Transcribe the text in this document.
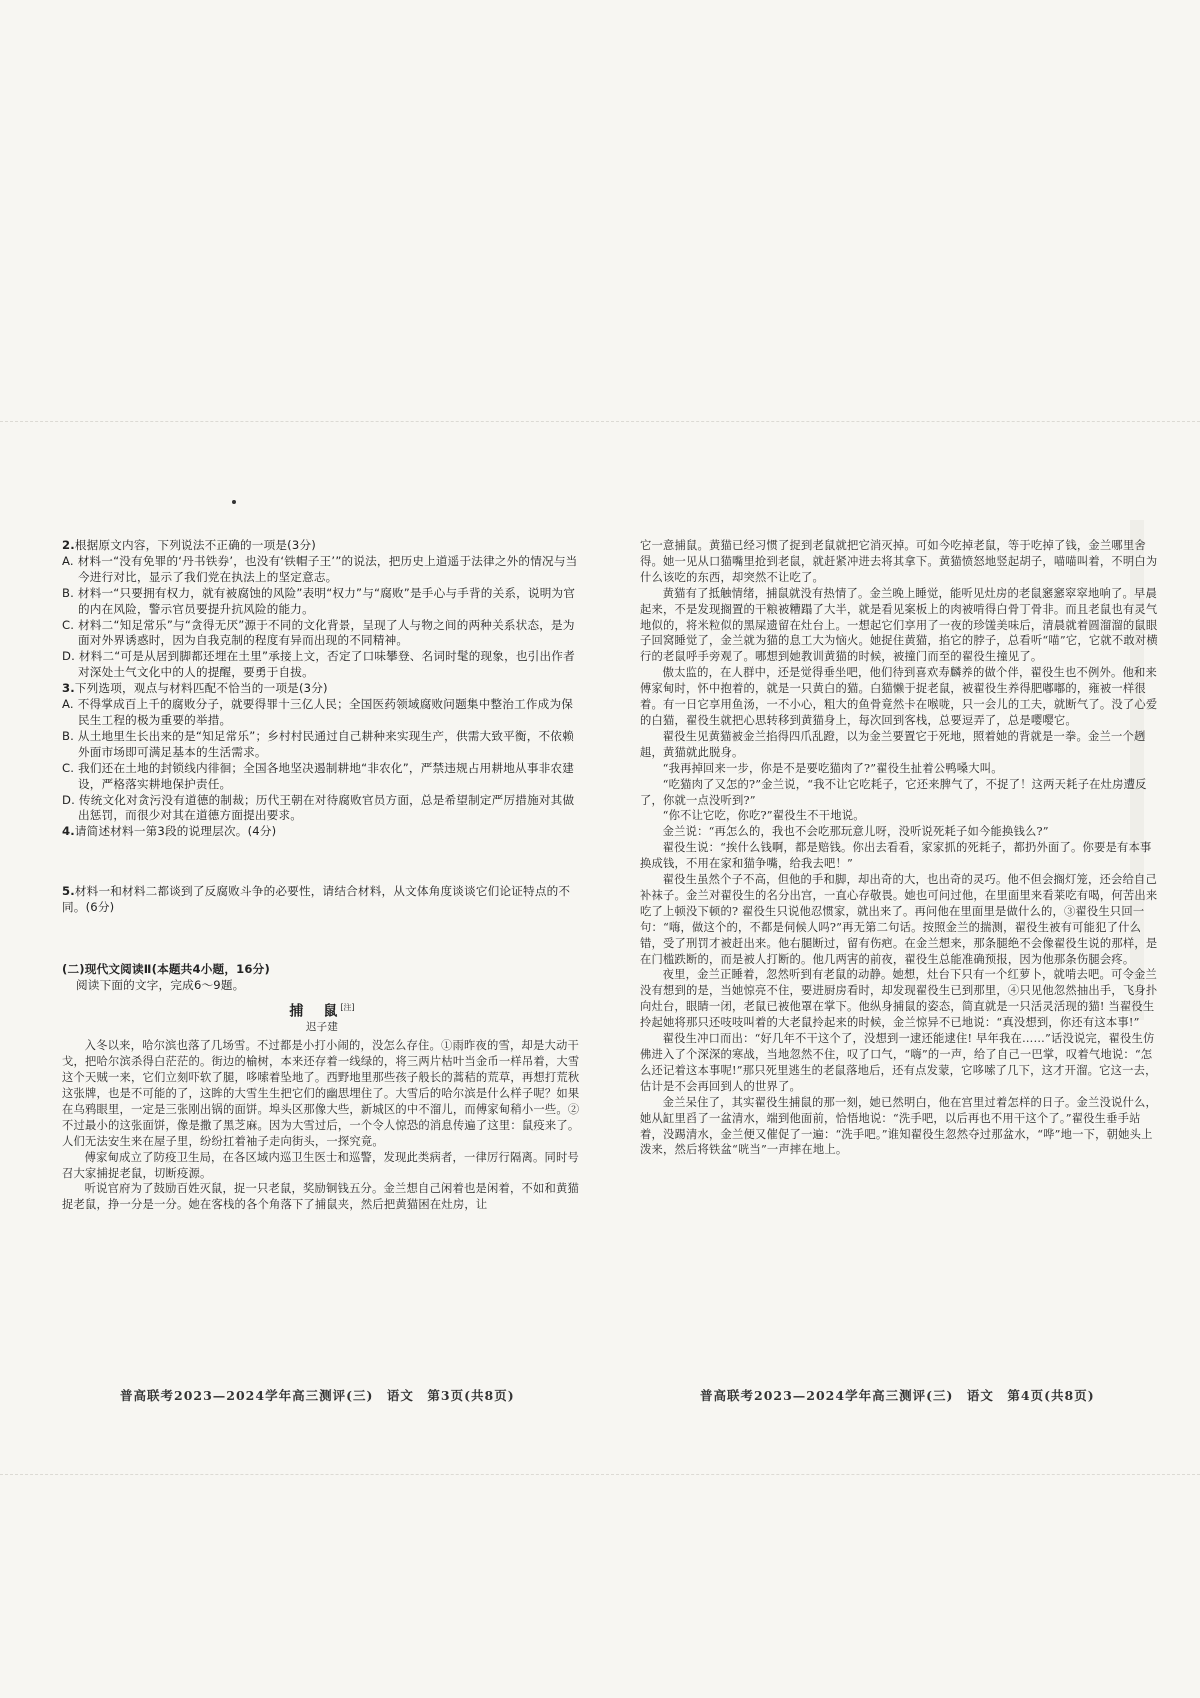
2.根据原文内容，下列说法不正确的一项是(3分)

A. 材料一“没有免罪的‘丹书铁券’，也没有‘铁帽子王’”的说法，把历史上道遥于法律之外的情况与当今进行对比，显示了我们党在执法上的坚定意志。

B. 材料一“只要拥有权力，就有被腐蚀的风险”表明“权力”与“腐败”是手心与手背的关系，说明为官的内在风险，警示官员要提升抗风险的能力。

C. 材料二“知足常乐”与“贪得无厌”源于不同的文化背景，呈现了人与物之间的两种关系状态，是为面对外界诱惑时，因为自我克制的程度有异而出现的不同精神。

D. 材料二“可是从居到脚都还埋在土里”承接上文，否定了口味攀登、名词时髦的现象，也引出作者对深处土气文化中的人的提醒，要勇于自拔。

3.下列选项，观点与材料匹配不恰当的一项是(3分)

A. 不得掌成百上千的腐败分子，就要得罪十三亿人民；全国医药领域腐败问题集中整治工作成为保民生工程的极为重要的举措。

B. 从土地里生长出来的是“知足常乐”；乡村村民通过自己耕种来实现生产，供需大致平衡，不依赖外面市场即可满足基本的生活需求。

C. 我们还在土地的封锁线内徘徊；全国各地坚决遏制耕地“非农化”，严禁违规占用耕地从事非农建设，严格落实耕地保护责任。

D. 传统文化对贪污没有道德的制裁；历代王朝在对待腐败官员方面，总是希望制定严厉措施对其做出惩罚，而很少对其在道德方面提出要求。

4.请简述材料一第3段的说理层次。(4分)

5.材料一和材料二都谈到了反腐败斗争的必要性，请结合材料，从文体角度谈谈它们论证特点的不同。(6分)

(二)现代文阅读Ⅱ(本题共4小题，16分)

阅读下面的文字，完成6～9题。

捕　鼠[注]

迟子建

入冬以来，哈尔滨也落了几场雪。不过都是小打小闹的，没怎么存住。①雨昨夜的雪，却是大动干戈，把哈尔滨杀得白茫茫的。街边的榆树，本来还存着一线绿的，将三两片枯叶当金币一样吊着，大雪这个天贼一来，它们立刻吓软了腿，哆嗦着坠地了。西野地里那些孩子般长的蒿秸的荒草，再想打荒秋这张牌，也是不可能的了，这眸的大雪生生把它们的幽思埋住了。大雪后的哈尔滨是什么样子呢？如果在乌鸦眼里，一定是三张刚出锅的面饼。埠头区那像大些，新城区的中不溜儿，而傅家甸稍小一些。②不过最小的这张面饼，像是撒了黑芝麻。因为大雪过后，一个令人惊恐的消息传遍了这里：鼠疫来了。人们无法安生来在屋子里，纷纷扛着袖子走向街头，一探究竟。

傅家甸成立了防疫卫生局，在各区域内巡卫生医士和巡警，发现此类病者，一律厉行隔离。同时号召大家捕捉老鼠，切断疫源。

听说官府为了鼓励百姓灭鼠，捉一只老鼠，奖励铜钱五分。金兰想自己闲着也是闲着，不如和黄猫捉老鼠，挣一分是一分。她在客栈的各个角落下了捕鼠夹，然后把黄猫困在灶房，让

它一意捕鼠。黄猫已经习惯了捉到老鼠就把它消灭掉。可如今吃掉老鼠，等于吃掉了钱，金兰哪里舍得。她一见从口猫嘴里抢到老鼠，就赶紧冲进去将其拿下。黄猫愤怒地竖起胡子，喵喵叫着，不明白为什么该吃的东西，却突然不让吃了。

黄猫有了抵触情绪，捕鼠就没有热情了。金兰晚上睡觉，能听见灶房的老鼠窸窸窣窣地响了。早晨起来，不是发现搁置的干粮被糟蹋了大半，就是看见案板上的肉被啃得白骨丁骨非。而且老鼠也有灵气地似的，将米粒似的黑屎遗留在灶台上。一想起它们享用了一夜的珍馐美味后，清晨就着圆溜溜的鼠眼子回窝睡觉了，金兰就为猫的息工大为恼火。她捉住黄猫，掐它的脖子，总看听“喵”它，它就不敢对横行的老鼠呼手旁观了。哪想到她教训黄猫的时候，被撞门而至的翟役生撞见了。

傲太监的，在人群中，还是觉得垂坐吧，他们待到喜欢寿麟养的做个伴，翟役生也不例外。他和来傅家甸时，怀中抱着的，就是一只黄白的猫。白猫懒于捉老鼠，被翟役生养得肥嘟嘟的，雍被一样很着。有一日它享用鱼汤，一不小心，粗大的鱼骨竟然卡在喉咙，只一会儿的工夫，就断气了。没了心爱的白猫，翟役生就把心思转移到黄猫身上，每次回到客栈，总要逗弄了，总是嘤嘤它。

翟役生见黄猫被金兰掐得四爪乱蹬，以为金兰要置它于死地，照着她的背就是一拳。金兰一个趔趄，黄猫就此脱身。

“我再掉回来一步，你是不是要吃猫肉了?”翟役生扯着公鸭嗓大叫。

“吃猫肉了又怎的?”金兰说，“我不让它吃耗子，它还来脾气了，不捉了！这两天耗子在灶房遭反了，你就一点没听到?”

“你不让它吃，你吃?”翟役生不干地说。

金兰说：“再怎么的，我也不会吃那玩意儿呀，没听说死耗子如今能换钱么?”

翟役生说：“挨什么钱啊，都是赔钱。你出去看看，家家抓的死耗子，都扔外面了。你要是有本事换成钱，不用在家和猫争嘴，给我去吧！”

翟役生虽然个子不高，但他的手和脚，却出奇的大，也出奇的灵巧。他不但会搁灯笼，还会给自己补袜子。金兰对翟役生的名分出宫，一直心存敬畏。她也可问过他，在里面里来看莱吃有喝，何苦出来吃了上顿没下顿的? 翟役生只说他忍惯家，就出来了。再问他在里面里是做什么的，③翟役生只回一句：“嗨，做这个的，不都是伺候人吗?”再无第二句话。按照金兰的揣测，翟役生被有可能犯了什么错，受了刑罚才被赶出来。他右腿断过，留有伤疤。在金兰想来，那条腿绝不会像翟役生说的那样，是在门槛跌断的，而是被人打断的。他几两害的前夜，翟役生总能准确预报，因为他那条伤腿会疼。

夜里，金兰正睡着，忽然听到有老鼠的动静。她想，灶台下只有一个红萝卜，就啃去吧。可令金兰没有想到的是，当她惊亮不住，要进厨房看时，却发现翟役生已到那里，④只见他忽然抽出手，飞身扑向灶台，眼睛一闭，老鼠已被他罩在掌下。他纵身捕鼠的姿态，简直就是一只活灵活现的猫! 当翟役生拎起她将那只还吱吱叫着的大老鼠拎起来的时候，金兰惊异不已地说：“真没想到，你还有这本事!”

翟役生冲口而出：“好几年不干这个了，没想到一逮还能逮住! 早年我在……”话没说完，翟役生仿佛进入了个深深的寒战，当地忽然不住，叹了口气，“嗨”的一声，给了自己一巴掌，叹着气地说：“怎么还记着这本事呢!”那只死里逃生的老鼠落地后，还有点发蒙，它哆嗦了几下，这才开溜。它这一去，估计是不会再回到人的世界了。

金兰呆住了，其实翟役生捕鼠的那一刻，她已然明白，他在宫里过着怎样的日子。金兰没说什么，她从缸里舀了一盆清水，端到他面前，恰悟地说：“洗手吧，以后再也不用干这个了。”翟役生垂手站着，没踢清水，金兰便又催促了一遍：“洗手吧。”谁知翟役生忽然夺过那盆水，“哗”地一下，朝她头上泼来，然后将铁盆“咣当”一声摔在地上。

普高联考2023—2024学年高三测评(三)　语文　第3页(共8页)	普高联考2023—2024学年高三测评(三)　语文　第4页(共8页)
